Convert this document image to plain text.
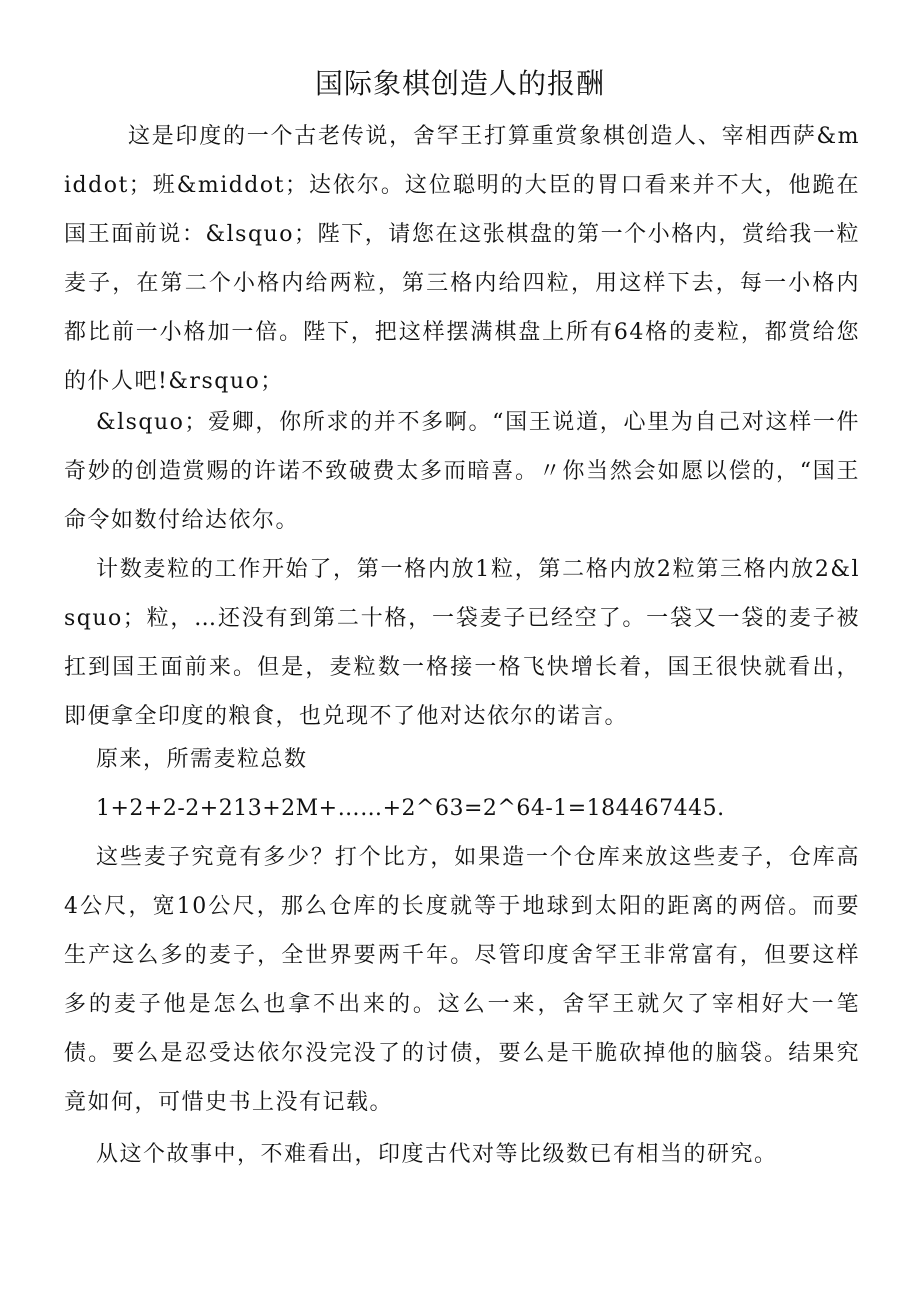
国际象棋创造人的报酬

这是印度的一个古老传说，舍罕王打算重赏象棋创造人、宰相西萨&middot；班&middot；达依尔。这位聪明的大臣的胃口看来并不大，他跪在国王面前说：&lsquo；陛下，请您在这张棋盘的第一个小格内，赏给我一粒麦子，在第二个小格内给两粒，第三格内给四粒，用这样下去，每一小格内都比前一小格加一倍。陛下，把这样摆满棋盘上所有64格的麦粒，都赏给您的仆人吧!&rsquo；

&lsquo；爱卿，你所求的并不多啊。“国王说道，心里为自己对这样一件奇妙的创造赏赐的许诺不致破费太多而暗喜。〃你当然会如愿以偿的，“国王命令如数付给达依尔。

计数麦粒的工作开始了，第一格内放1粒，第二格内放2粒第三格内放2&lsquo；粒，…还没有到第二十格，一袋麦子已经空了。一袋又一袋的麦子被扛到国王面前来。但是，麦粒数一格接一格飞快增长着，国王很快就看出，即便拿全印度的粮食，也兑现不了他对达依尔的诺言。

原来，所需麦粒总数

1+2+2-2+213+2M+……+2^63=2^64-1=184467445.

这些麦子究竟有多少？打个比方，如果造一个仓库来放这些麦子，仓库高4公尺，宽10公尺，那么仓库的长度就等于地球到太阳的距离的两倍。而要生产这么多的麦子，全世界要两千年。尽管印度舍罕王非常富有，但要这样多的麦子他是怎么也拿不出来的。这么一来，舍罕王就欠了宰相好大一笔债。要么是忍受达依尔没完没了的讨债，要么是干脆砍掉他的脑袋。结果究竟如何，可惜史书上没有记载。

从这个故事中，不难看出，印度古代对等比级数已有相当的研究。
